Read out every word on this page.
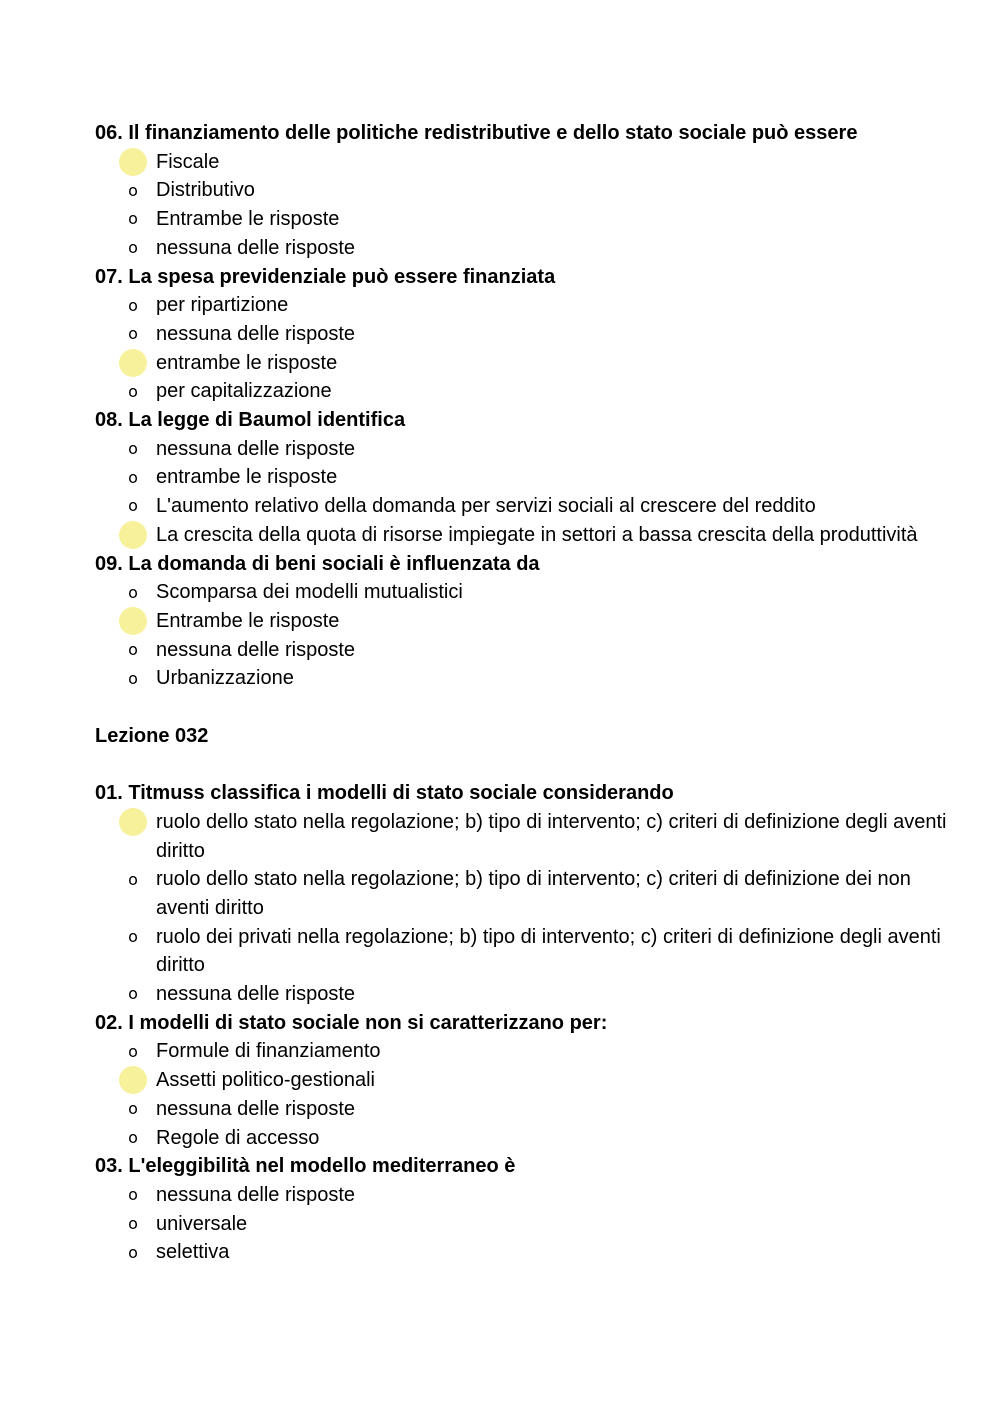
06. Il finanziamento delle politiche redistributive e dello stato sociale può essere
Fiscale
o Distributivo
o Entrambe le risposte
o nessuna delle risposte
07. La spesa previdenziale può essere finanziata
o per ripartizione
o nessuna delle risposte
entrambe le risposte
o per capitalizzazione
08. La legge di Baumol identifica
o nessuna delle risposte
o entrambe le risposte
o L'aumento relativo della domanda per servizi sociali al crescere del reddito
La crescita della quota di risorse impiegate in settori a bassa crescita della produttività
09. La domanda di beni sociali è influenzata da
o Scomparsa dei modelli mutualistici
Entrambe le risposte
o nessuna delle risposte
o Urbanizzazione
Lezione 032
01. Titmuss classifica i modelli di stato sociale considerando
ruolo dello stato nella regolazione; b) tipo di intervento; c) criteri di definizione degli aventi diritto
o ruolo dello stato nella regolazione; b) tipo di intervento; c) criteri di definizione dei non aventi diritto
o ruolo dei privati nella regolazione; b) tipo di intervento; c) criteri di definizione degli aventi diritto
o nessuna delle risposte
02. I modelli di stato sociale non si caratterizzano per:
o Formule di finanziamento
Assetti politico-gestionali
o nessuna delle risposte
o Regole di accesso
03. L'eleggibilità nel modello mediterraneo è
o nessuna delle risposte
o universale
o selettiva
